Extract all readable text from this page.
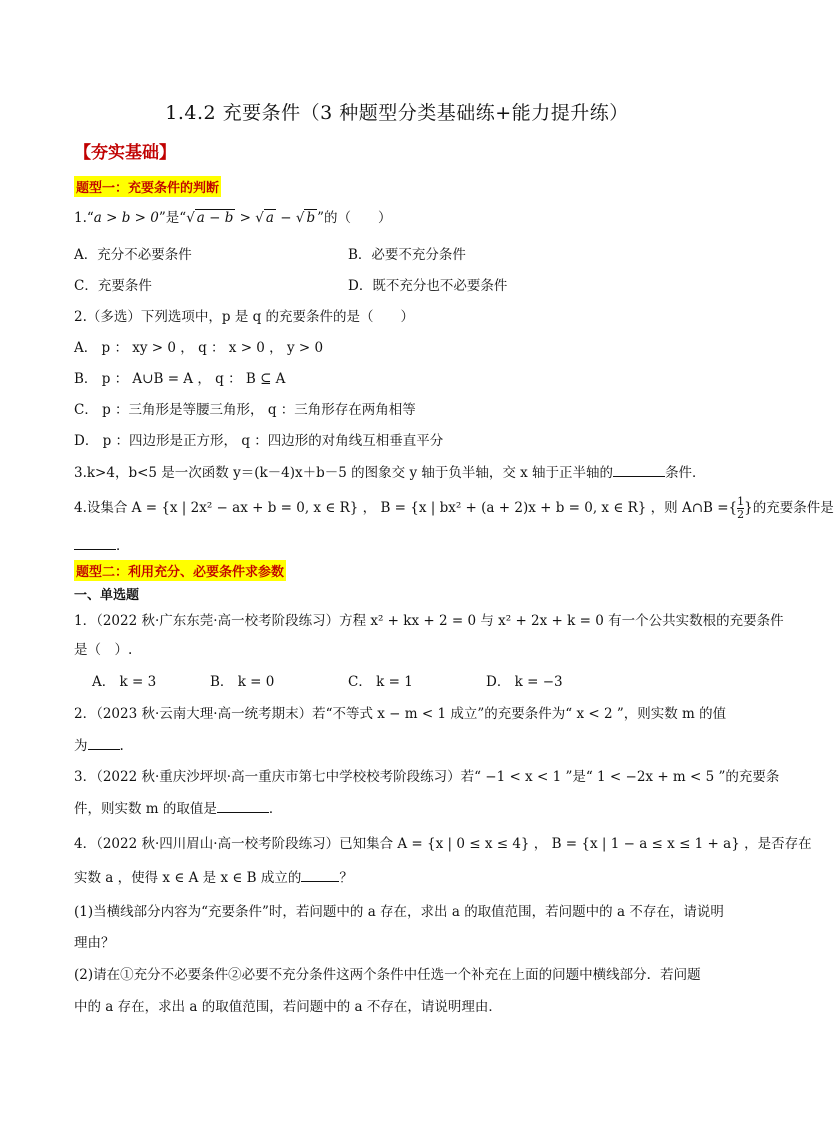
1.4.2 充要条件（3 种题型分类基础练+能力提升练）
【夯实基础】
题型一：充要条件的判断
1.“a > b > 0”是“√ a − b > √ a − √ b ”的（　　）
A．充分不必要条件	B．必要不充分条件
C．充要条件	D．既不充分也不必要条件
2.（多选）下列选项中，p 是 q 的充要条件的是（　　）
A． p ： xy > 0 ， q ： x > 0 ， y > 0
B． p ： A∪B = A ， q ： B ⊆ A
C． p ：三角形是等腰三角形， q ：三角形存在两角相等
D． p ：四边形是正方形， q ：四边形的对角线互相垂直平分
3.k>4，b<5 是一次函数 y＝(k－4)x＋b－5 的图象交 y 轴于负半轴，交 x 轴于正半轴的	条件．
4.设集合 A = {x | 2x² − ax + b = 0, x ∈ R} ， B = {x | bx² + (a + 2)x + b = 0, x ∈ R} ，则 A∩B ={ $\frac{1}{2}$ }的充要条件是
．
题型二：利用充分、必要条件求参数
一、单选题
1．（2022 秋·广东东莞·高一校考阶段练习）方程 x² + kx + 2 = 0 与 x² + 2x + k = 0 有一个公共实数根的充要条件
是（　）.
A． k = 3	B． k = 0	C． k = 1	D． k = −3
2．（2023 秋·云南大理·高一统考期末）若“不等式 x − m < 1 成立”的充要条件为“ x < 2 ”，则实数 m 的值
为 .
3．（2022 秋·重庆沙坪坝·高一重庆市第七中学校校考阶段练习）若“ −1 < x < 1 ”是“ 1 < −2x + m < 5 ”的充要条
件，则实数 m 的取值是	．
4．（2022 秋·四川眉山·高一校考阶段练习）已知集合 A = {x | 0 ≤ x ≤ 4} ， B = {x | 1 − a ≤ x ≤ 1 + a} ，是否存在
实数 a ，使得 x ∈ A 是 x ∈ B 成立的	？
(1)当横线部分内容为“充要条件”时，若问题中的 a 存在，求出 a 的取值范围，若问题中的 a 不存在，请说明
理由？
(2)请在①充分不必要条件②必要不充分条件这两个条件中任选一个补充在上面的问题中横线部分．若问题
中的 a 存在，求出 a 的取值范围，若问题中的 a 不存在，请说明理由．
